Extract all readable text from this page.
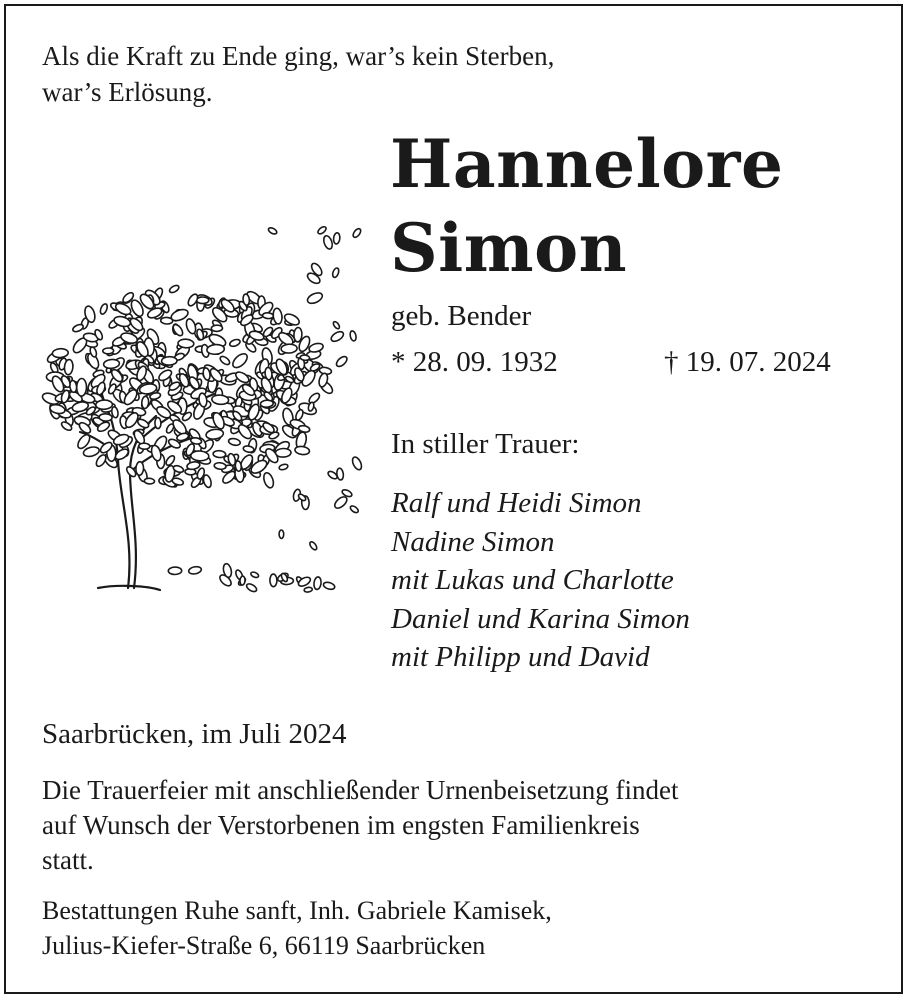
Als die Kraft zu Ende ging, war’s kein Sterben,
war’s Erlösung.
Hannelore
Simon
geb. Bender
* 28. 09. 1932	† 19. 07. 2024
In stiller Trauer:
Ralf und Heidi Simon
Nadine Simon
mit Lukas und Charlotte
Daniel und Karina Simon
mit Philipp und David
Saarbrücken, im Juli 2024
Die Trauerfeier mit anschließender Urnenbeisetzung findet
auf Wunsch der Verstorbenen im engsten Familienkreis
statt.
Bestattungen Ruhe sanft, Inh. Gabriele Kamisek,
Julius-Kiefer-Straße 6, 66119 Saarbrücken
